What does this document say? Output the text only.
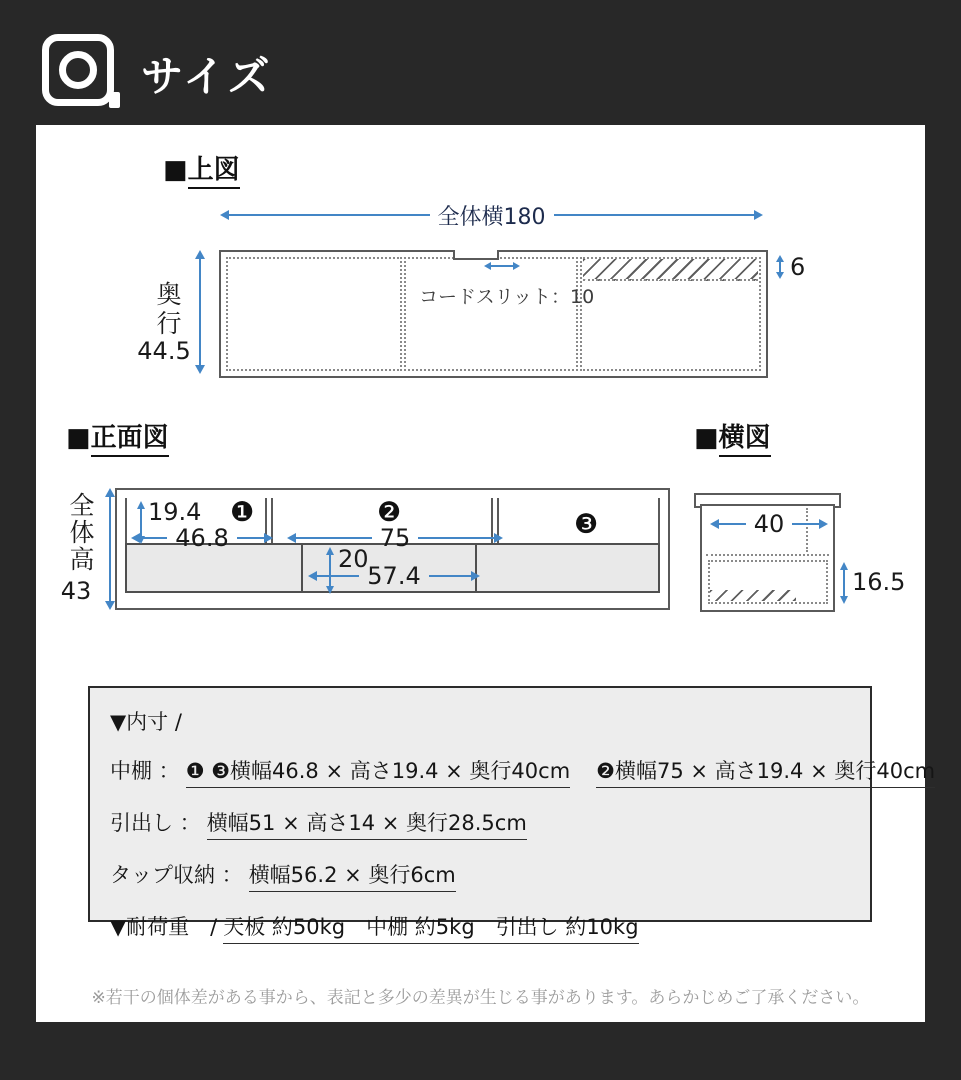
サイズ
■上図
全体横180
コードスリット：10
奥行
44.5
6
■正面図	■横図
全体高
43
19.4 ❶
46.8
❷
75	❸
20
57.4
40
16.5
▼内寸 /
中棚 ： ❶ ❸横幅46.8 × 高さ19.4 × 奥行40cm ❷横幅75 × 高さ19.4 × 奥行40cm
引出し ： 横幅51 × 高さ14 × 奥行28.5cm
タップ収納 ： 横幅56.2 × 奥行6cm
▼耐荷重　/ 天板 約50kg　中棚 約5kg　引出し 約10kg
※若干の個体差がある事から、表記と多少の差異が生じる事があります。あらかじめご了承ください。
